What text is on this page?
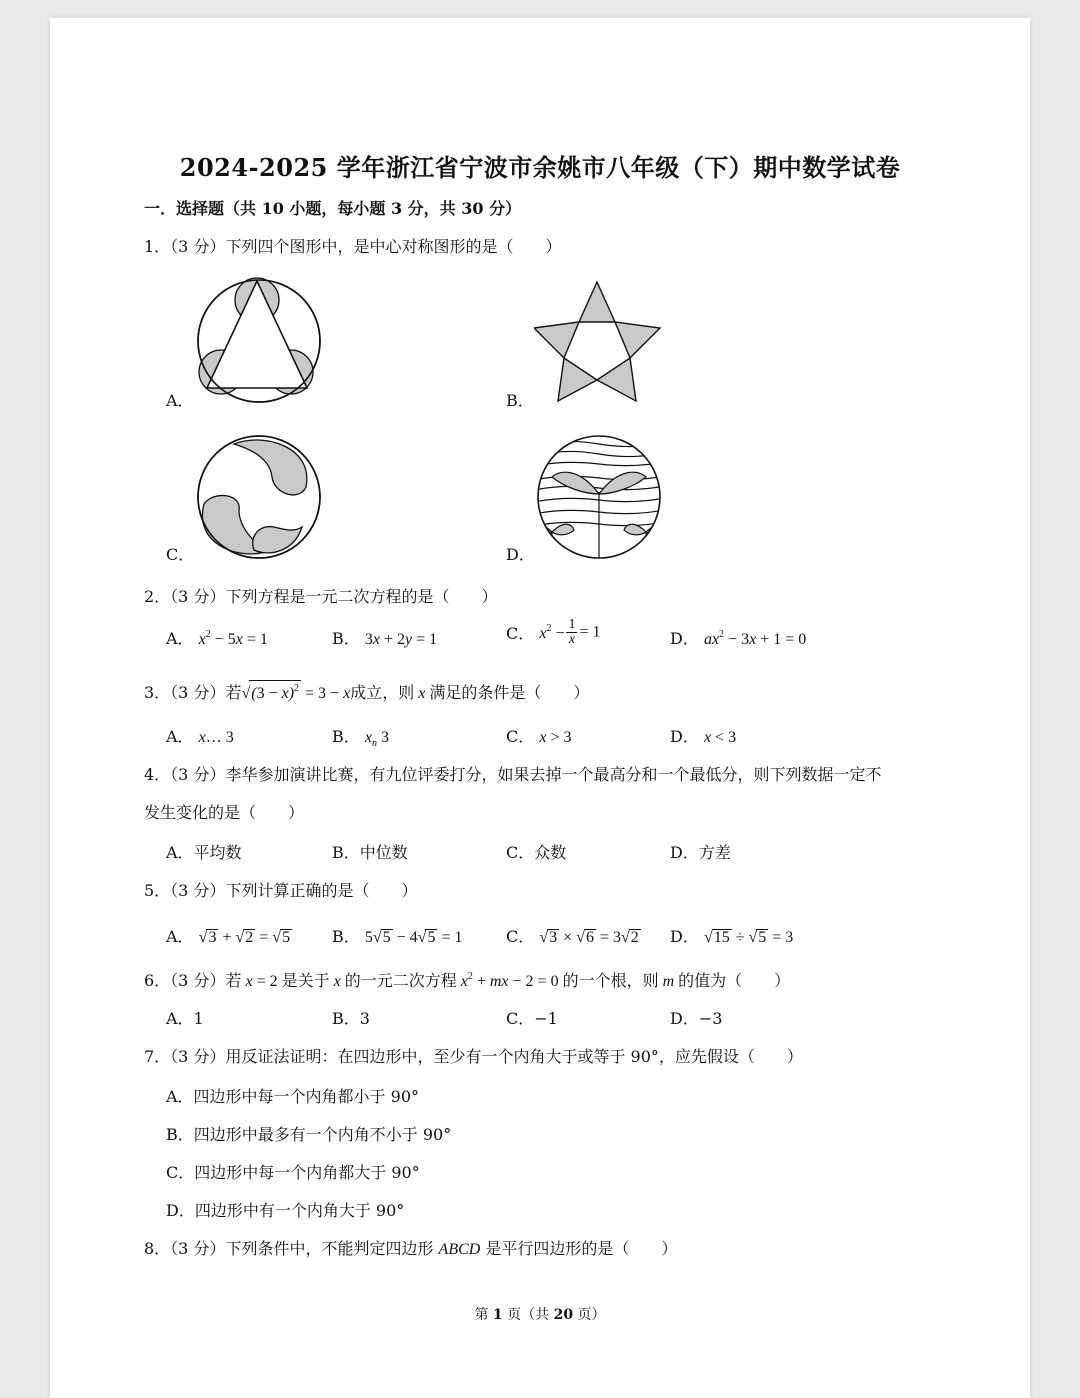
2024-2025 学年浙江省宁波市余姚市八年级（下）期中数学试卷
一．选择题（共 10 小题，每小题 3 分，共 30 分）
1．（3 分）下列四个图形中，是中心对称图形的是（　　）
A．	B．
C．	D．
2．（3 分）下列方程是一元二次方程的是（　　）
A． $x^2 - 5x = 1$	B． 3x + 2y = 1	C． $x^2 - \frac{1}{x} = 1$	D． $ax^2 - 3x + 1 = 0$
3．（3 分）若$√(3 - x)^2 = 3 - x$成立，则 x 满足的条件是（　　）
A． x… 3	B． $x_n$ 3	C． x > 3	D． x < 3
4．（3 分）李华参加演讲比赛，有九位评委打分，如果去掉一个最高分和一个最低分，则下列数据一定不
发生变化的是（　　）
A．平均数	B．中位数	C．众数	D．方差
5．（3 分）下列计算正确的是（　　）
A． √3 + √2 = √5	B． 5√5 − 4√5 = 1	C． √3 × √6 = 3√2 D． √15 ÷ √5 = 3
6．（3 分）若 x = 2 是关于 x 的一元二次方程 $x^2$ + mx − 2 = 0 的一个根，则 m 的值为（　　）
A．1	B．3	C．−1	D．−3
7．（3 分）用反证法证明：在四边形中，至少有一个内角大于或等于 90°，应先假设（　　）
A．四边形中每一个内角都小于 90°
B．四边形中最多有一个内角不小于 90°
C．四边形中每一个内角都大于 90°
D．四边形中有一个内角大于 90°
8．（3 分）下列条件中，不能判定四边形 ABCD 是平行四边形的是（　　）
第 1 页（共 20 页）
